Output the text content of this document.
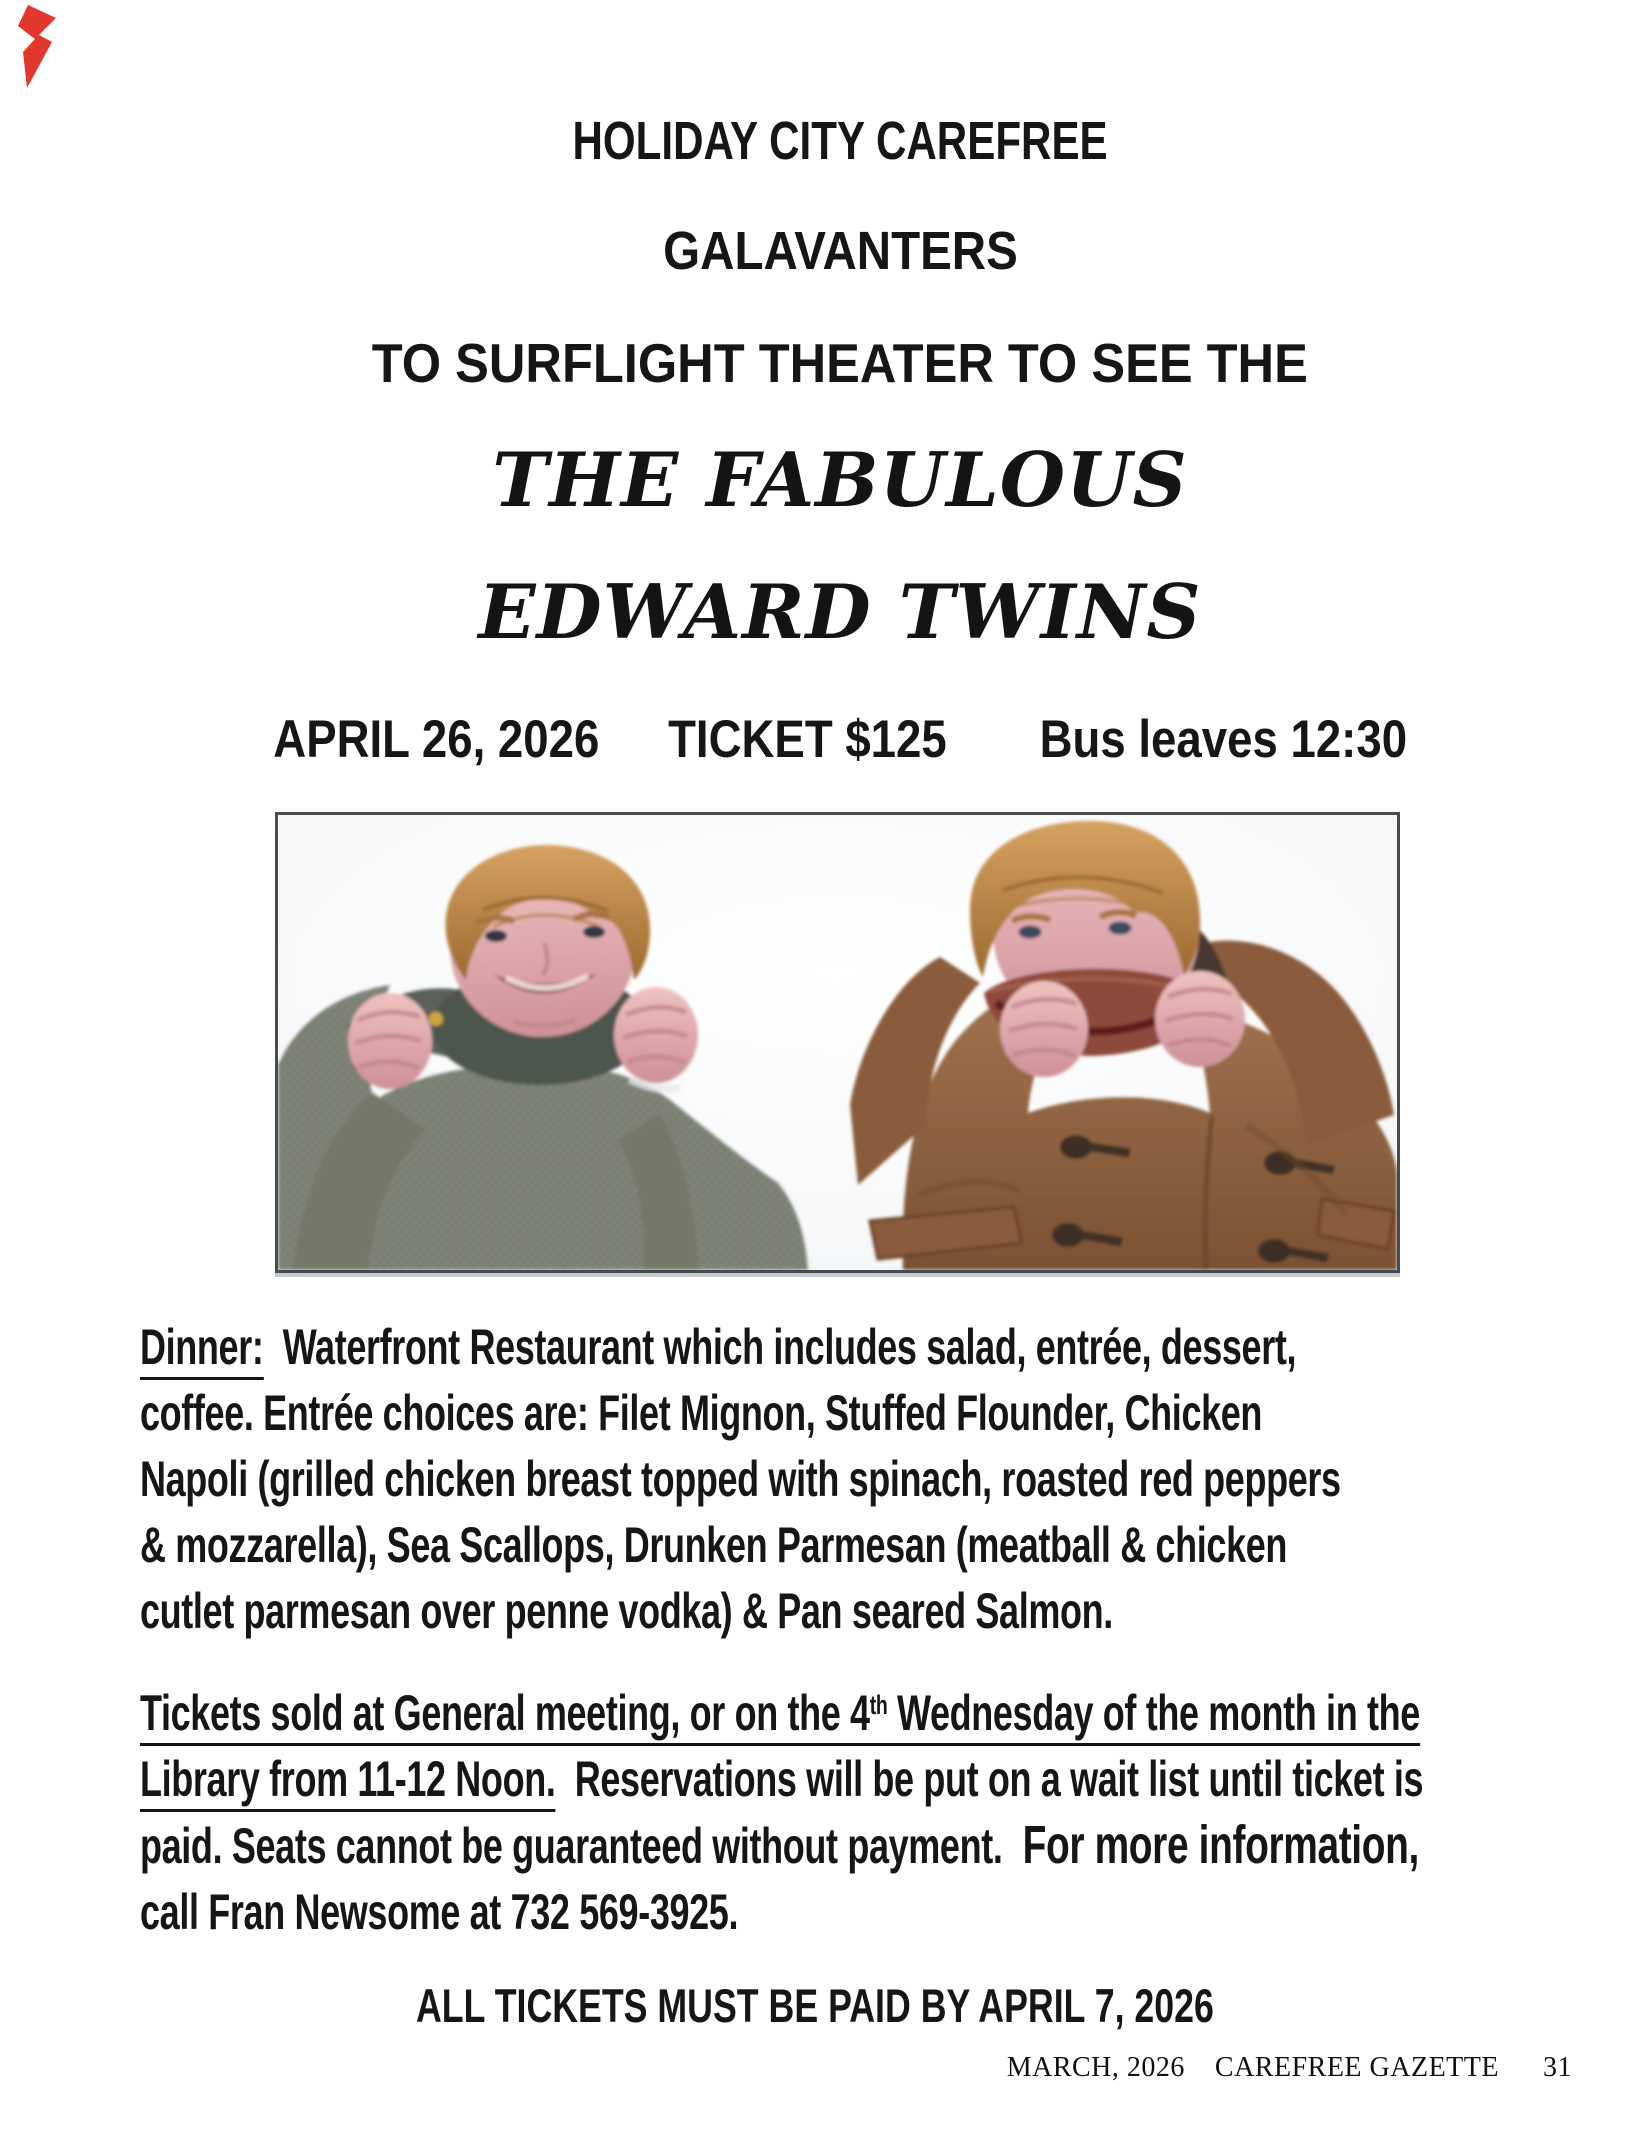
HOLIDAY CITY CAREFREE
GALAVANTERS
TO SURFLIGHT THEATER TO SEE THE
THE FABULOUS
EDWARD TWINS
APRIL 26, 2026 TICKET $125 Bus leaves 12:30
Dinner:  Waterfront Restaurant which includes salad, entrée, dessert,
coffee. Entrée choices are: Filet Mignon, Stuffed Flounder, Chicken
Napoli (grilled chicken breast topped with spinach, roasted red peppers
& mozzarella), Sea Scallops, Drunken Parmesan (meatball & chicken
cutlet parmesan over penne vodka) & Pan seared Salmon.
Tickets sold at General meeting, or on the 4th Wednesday of the month in the
Library from 11-12 Noon.  Reservations will be put on a wait list until ticket is
paid. Seats cannot be guaranteed without payment.  For more information,
call Fran Newsome at 732 569-3925.
ALL TICKETS MUST BE PAID BY APRIL 7, 2026
MARCH, 2026 CAREFREE GAZETTE 31
